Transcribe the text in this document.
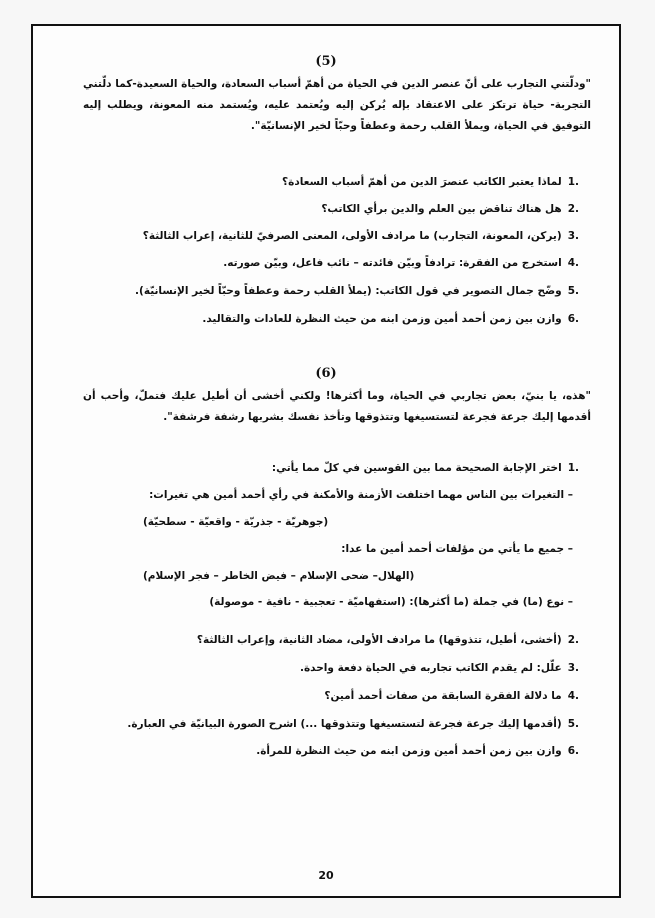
(5)
"ودلّتني التجارب على أنّ عنصر الدين في الحياة من أهمّ أسباب السعادة، والحياة السعيدة-كما دلّتني التجربة- حياة ترتكز على الاعتقاد بإله يُركن إليه ويُعتمد عليه، ويُستمد منه المعونة، ويطلب إليه التوفيق في الحياة، ويملأ القلب رحمة وعطفاً وحبّاً لخير الإنسانيّة".
.1لماذا يعتبر الكاتب عنصرَ الدين من أهمّ أسباب السعادة؟
.2هل هناك تناقض بين العلم والدين برأي الكاتب؟
.3(يركن، المعونة، التجارب) ما مرادف الأولى، المعنى الصرفيّ للثانية، إعراب الثالثة؟
.4استخرج من الفقرة: ترادفاً وبيّن فائدته – نائب فاعل، وبيّن صورته.
.5وضّح جمال التصوير في قول الكاتب: (يملأ القلب رحمة وعطفاً وحبّاً لخير الإنسانيّة).
.6وازن بين زمن أحمد أمين وزمن ابنه من حيث النظرة للعادات والتقاليد.
(6)
"هذه، يا بنيّ، بعض تجاربي في الحياة، وما أكثرها! ولكني أخشى أن أطيل عليك فتملّ، وأحب أن أقدمها إليك جرعة فجرعة لتستسيغها وتتذوقها وتأخذ نفسك بشربها رشفة فرشفة".
.1اختر الإجابة الصحيحة مما بين القوسين في كلّ مما يأتي:
– التغيرات بين الناس مهما اختلفت الأزمنة والأمكنة في رأي أحمد أمين هي تغيرات:
(جوهريّة - جذريّة - واقعيّة - سطحيّة)
– جميع ما يأتي من مؤلفات أحمد أمين ما عدا:
(الهلال– ضحى الإسلام – فيض الخاطر – فجر الإسلام)
– نوع (ما) في جملة (ما أكثرها): (استفهاميّة - تعجبية - نافية - موصولة)
.2(أخشى، أطيل، تتذوقها) ما مرادف الأولى، مضاد الثانية، وإعراب الثالثة؟
.3علّل: لم يقدم الكاتب تجاربه في الحياة دفعة واحدة.
.4ما دلالة الفقرة السابقة من صفات أحمد أمين؟
.5(أقدمها إليك جرعة فجرعة لتستسيغها وتتذوقها ...) اشرح الصورة البيانيّة في العبارة.
.6وازن بين زمن أحمد أمين وزمن ابنه من حيث النظرة للمرأة.
20
